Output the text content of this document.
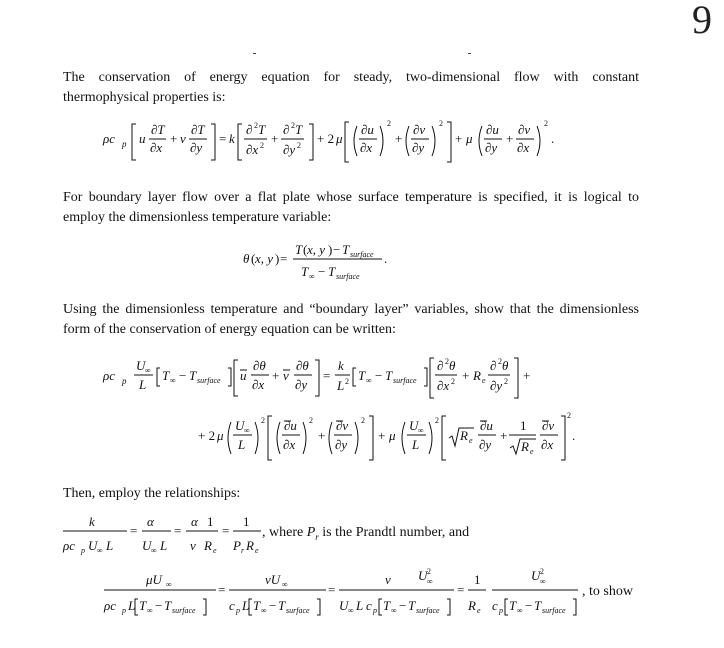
9
The conservation of energy equation for steady, two-dimensional flow with constant
thermophysical properties is:
ρc p u
∂T
∂x
+ v
∂T
∂y
= k
∂ 2 T
∂x 2 +
∂ 2 T
∂y 2 + 2 μ
∂u
∂x
2
+
∂v
∂y
2
+ μ
∂u
∂y
+
∂v
∂x
2
.
For boundary layer flow over a flat plate whose surface temperature is specified, it is logical to
employ the dimensionless temperature variable:
θ ( x, y ) =
T ( x, y ) − T surface
T ∞ − T surface
.
Using the dimensionless temperature and “boundary layer” variables, show that the dimensionless
form of the conservation of energy equation can be written:
ρc p
U ∞
L
T ∞ − T surface u
∂θ
∂x
+ v
∂θ
∂y
=
k
L 2 T ∞ − T surface
∂ 2 θ
∂x 2 + R e
∂ 2 θ
∂y 2 +
+ 2 μ
U ∞
L
2 ∂u
∂x
2
+
∂v
∂y
2
+ μ
U ∞
L
2
R e
∂u
∂y
+
1
R e
∂v
∂x
2
.
Then, employ the relationships:
k
ρc p U ∞ L
=
α
U ∞ L
=
α 1
ν R e
=
1
P r R e
, where $P_r$ is the Prandtl number, and
μU ∞
ρc p L T ∞ − T surface
=
νU ∞
c p L T ∞ − T surface
=
ν
U ∞ L c p T ∞ − T surface
U 2
∞
=
1
R e
U 2
∞
c p T ∞ − T surface
, to show
